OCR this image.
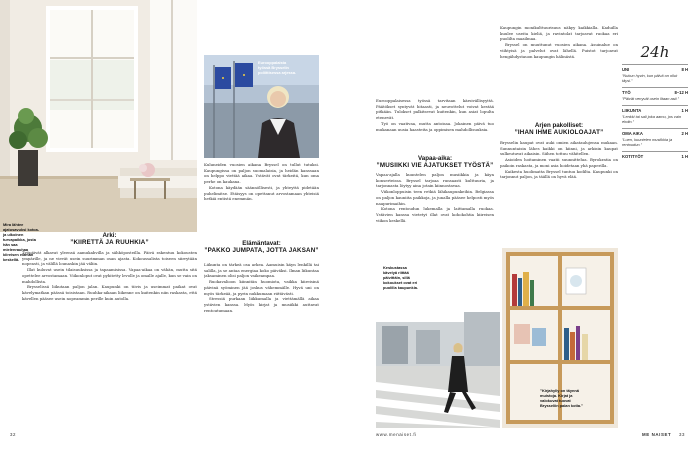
Mira lähtee ajatusavuksi kotoa- ja ulkoinen turvapaikka, josta hän saa mielenrauhaa kiireisen elämän keskellä.
Arki:
”KIIRETTÄ JA RUUHKIA”

Työpäivät alkavat yleensä aamukahvilla ja sähköposteilla. Päivä rakentuu kokousten ympärille, ja ne vievät usein suurimman osan ajasta. Kokoussalista toiseen siirrytään nopeasti, ja välillä lounaskin jää väliin.

Illat kuluvat usein tilaisuuksissa ja tapaamisissa. Vapaa-aikaa on vähän, mutta sitä opettelee arvostamaan. Viikonloput ovat pyhitetty levolle ja omalle ajalle, kun se vain on mahdollista.

Brysselissä liikutaan paljon jalan. Kaupunki on tiivis ja useimmat paikat ovat kävelymatkan päässä toisistaan. Ruuhka-aikaan liikenne on kuitenkin niin raskasta, että kävellen pääsee usein nopeammin perille kuin autolla.

Eurooppalaista työssä Brysselin poliittisessa arjessa.

Kuluneiden vuosien aikana Bryssel on tullut tutuksi. Kaupungissa on paljon suomalaisia, ja heidän kanssaan on helppo viettää aikaa. Ystävät ovat tärkeitä, kun oma perhe on kaukana.

Kotona käydään säännöllisesti, ja yhteyttä pidetään puhelimitse. Etäisyys on opettanut arvostamaan yhteisiä hetkiä entistä enemmän.

Elämäntavat:
”PAKKO JUMPATA, JOTTA JAKSAN”

Liikunta on tärkeä osa arkea. Aamuisin käyn lenkillä tai salilla, ja se antaa energiaa koko päiväksi. Ilman liikuntaa jaksaminen olisi paljon vaikeampaa.

Ruokavalioon kiinnitän huomiota, vaikka kiireisinä päivinä syöminen jää joskus vähemmälle. Hyvä uni on myös tärkeää, ja pyrin nukkumaan riittävästi.

Stressiä purkaan liikkumalla ja viettämällä aikaa ystävien kanssa. Myös kirjat ja musiikki auttavat rentoutumaan.

32	www.menaiset.fi

Eurooppalaisessa työssä tarvitaan kärsivällisyyttä. Päätökset syntyvät hitaasti, ja neuvottelut voivat kestää pitkään. Tulokset palkitsevat kuitenkin, kun asiat lopulta etenevät.

Työ on vaativaa, mutta antoisaa. Jokainen päivä tuo mukanaan uusia haasteita ja oppimisen mahdollisuuksia.

Vapaa-aika:
”MUSIIKKI VIE AJATUKSET TYÖSTÄ”

Vapaa-ajalla kuuntelen paljon musiikkia ja käyn konserteissa. Bryssel tarjoaa runsaasti kulttuuria, ja tarjonnasta löytyy aina jotain kiinnostavaa.

Viikonloppuisin teen retkiä lähikaupunkeihin. Belgiassa on paljon kauniita paikkoja, ja junalla pääsee helposti myös naapurimaihin.

Kotona rentoudun lukemalla ja laittamalla ruokaa. Ystävien kanssa vietetyt illat ovat kohokohtia kiireisen viikon keskellä.

Kaupungin monikulttuurisuus näkyy kaikkialla. Kaduilla kuulee useita kieliä, ja ravintolat tarjoavat ruokaa eri puolilta maailmaa.

Bryssel on muuttunut vuosien aikana. Asuinalue on viihtyisä ja palvelut ovat lähellä. Puistot tarjoavat hengähdystauon kaupungin hälinästä.

Arjen pakolliset:
”IHAN IHME AUKIOLOAJAT”

Brysselin kaupat ovat auki omien aikataulujensa mukaan. Sunnuntaisin lähes kaikki on kiinni, ja arkisin kaupat sulkeutuvat aikaisin. Siihen tottuu vähitellen.

Asioiden hoitaminen vaatii suunnittelua. Byrokratia on paikoin raskasta, ja moni asia hoidetaan yhä paperilla.

Kaikesta huolimatta Bryssel tuntuu kodilta. Kaupunki on tarjonnut paljon, ja täällä on hyvä elää.

24h
UNI	8 H
”Nukun hyvin, kun päivä on ollut täysi.”
TYÖ	8–12 H
”Päivät venyvät usein iltaan asti.”
LIIKUNTA	1 H
”Lenkki tai sali joka aamu, jos vain ehdin.”
OMA AIKA	2 H
”Luen, kuuntelen musiikkia ja rentoudun.”
KOTITYÖT	1 H
Keskustassa kävelyä riittää päivittäin, sillä kokoukset ovat eri puolilla kaupunkia.
”Kirjahylly on täynnä muistoja. Kirjat ja valokuvat tuovat Brysseliin palan kotia.”
ME NAISET 33
